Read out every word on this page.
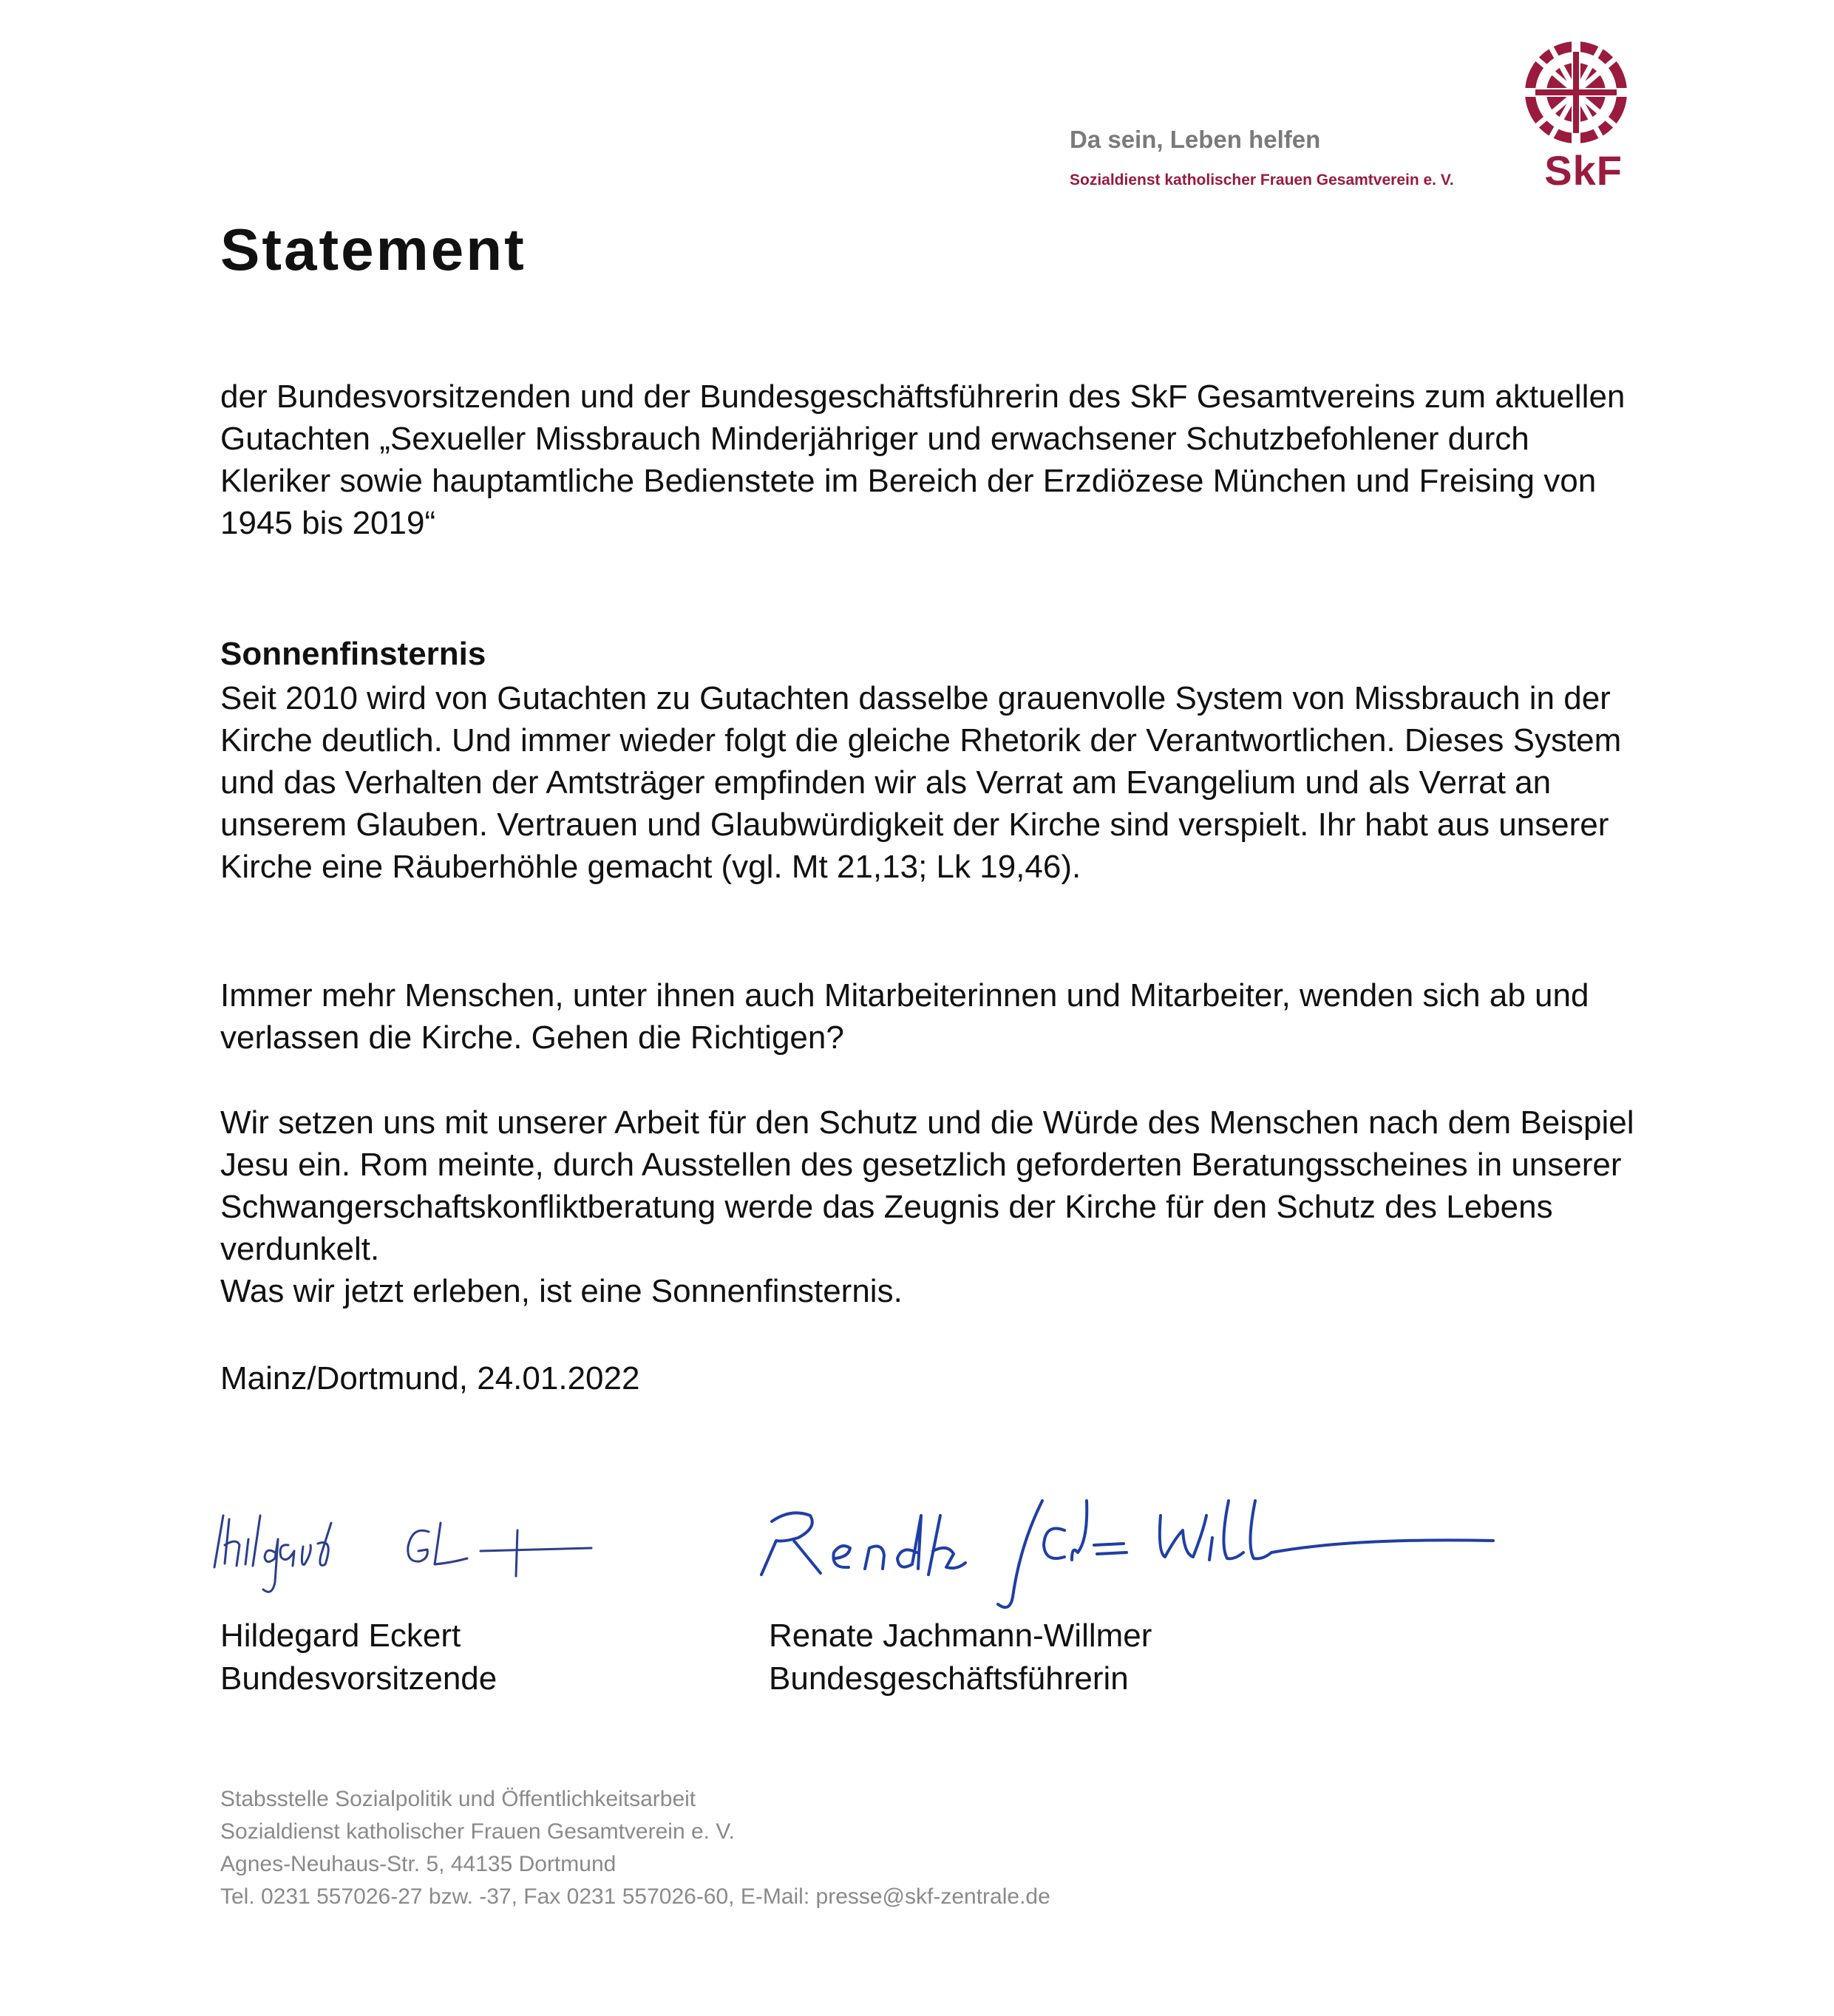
Da sein, Leben helfen
Sozialdienst katholischer Frauen Gesamtverein e. V. SkF
Statement

der Bundesvorsitzenden und der Bundesgeschäftsführerin des SkF Gesamtvereins zum aktuellen Gutachten „Sexueller Missbrauch Minderjähriger und erwachsener Schutzbefohlener durch Kleriker sowie hauptamtliche Bedienstete im Bereich der Erzdiözese München und Freising von 1945 bis 2019“

Sonnenfinsternis

Seit 2010 wird von Gutachten zu Gutachten dasselbe grauenvolle System von Missbrauch in der Kirche deutlich. Und immer wieder folgt die gleiche Rhetorik der Verantwortlichen. Dieses System und das Verhalten der Amtsträger empfinden wir als Verrat am Evangelium und als Verrat an unserem Glauben. Vertrauen und Glaubwürdigkeit der Kirche sind verspielt. Ihr habt aus unserer Kirche eine Räuberhöhle gemacht (vgl. Mt 21,13; Lk 19,46).

Immer mehr Menschen, unter ihnen auch Mitarbeiterinnen und Mitarbeiter, wenden sich ab und verlassen die Kirche. Gehen die Richtigen?

Wir setzen uns mit unserer Arbeit für den Schutz und die Würde des Menschen nach dem Beispiel Jesu ein. Rom meinte, durch Ausstellen des gesetzlich geforderten Beratungsscheines in unserer Schwangerschaftskonfliktberatung werde das Zeugnis der Kirche für den Schutz des Lebens verdunkelt.
Was wir jetzt erleben, ist eine Sonnenfinsternis.

Mainz/Dortmund, 24.01.2022

Hildegard Eckert
Bundesvorsitzende
Renate Jachmann-Willmer
Bundesgeschäftsführerin
Stabsstelle Sozialpolitik und Öffentlichkeitsarbeit
Sozialdienst katholischer Frauen Gesamtverein e. V.
Agnes-Neuhaus-Str. 5, 44135 Dortmund
Tel. 0231 557026-27 bzw. -37, Fax 0231 557026-60, E-Mail: presse@skf-zentrale.de
